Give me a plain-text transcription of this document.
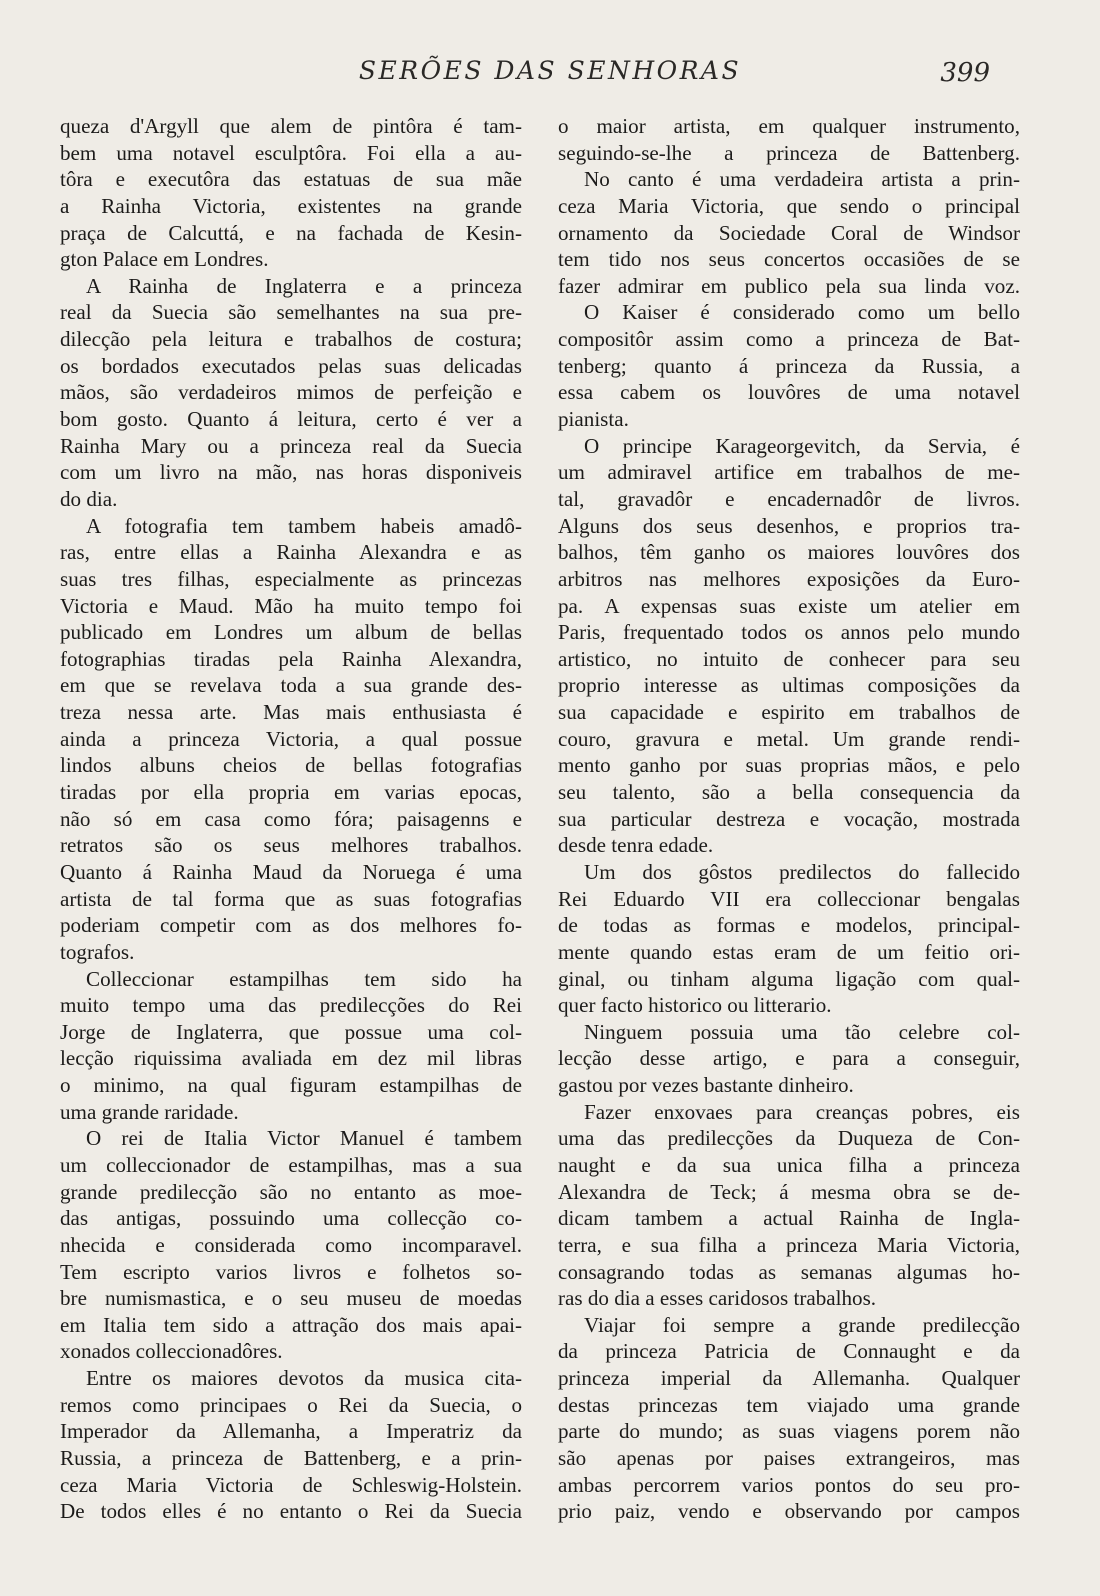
SERÕES DAS SENHORAS	399
queza d'Argyll que alem de pintôra é tam-
bem uma notavel esculptôra. Foi ella a au-
tôra e executôra das estatuas de sua mãe
a Rainha Victoria, existentes na grande
praça de Calcuttá, e na fachada de Kesin-
gton Palace em Londres.
A Rainha de Inglaterra e a princeza
real da Suecia são semelhantes na sua pre-
dilecção pela leitura e trabalhos de costura;
os bordados executados pelas suas delicadas
mãos, são verdadeiros mimos de perfeição e
bom gosto. Quanto á leitura, certo é ver a
Rainha Mary ou a princeza real da Suecia
com um livro na mão, nas horas disponiveis
do dia.
A fotografia tem tambem habeis amadô-
ras, entre ellas a Rainha Alexandra e as
suas tres filhas, especialmente as princezas
Victoria e Maud. Mão ha muito tempo foi
publicado em Londres um album de bellas
fotographias tiradas pela Rainha Alexandra,
em que se revelava toda a sua grande des-
treza nessa arte. Mas mais enthusiasta é
ainda a princeza Victoria, a qual possue
lindos albuns cheios de bellas fotografias
tiradas por ella propria em varias epocas,
não só em casa como fóra; paisagenns e
retratos são os seus melhores trabalhos.
Quanto á Rainha Maud da Noruega é uma
artista de tal forma que as suas fotografias
poderiam competir com as dos melhores fo-
tografos.
Colleccionar estampilhas tem sido ha
muito tempo uma das predilecções do Rei
Jorge de Inglaterra, que possue uma col-
lecção riquissima avaliada em dez mil libras
o minimo, na qual figuram estampilhas de
uma grande raridade.
O rei de Italia Victor Manuel é tambem
um colleccionador de estampilhas, mas a sua
grande predilecção são no entanto as moe-
das antigas, possuindo uma collecção co-
nhecida e considerada como incomparavel.
Tem escripto varios livros e folhetos so-
bre numismastica, e o seu museu de moedas
em Italia tem sido a attração dos mais apai-
xonados colleccionadôres.
Entre os maiores devotos da musica cita-
remos como principaes o Rei da Suecia, o
Imperador da Allemanha, a Imperatriz da
Russia, a princeza de Battenberg, e a prin-
ceza Maria Victoria de Schleswig-Holstein.
De todos elles é no entanto o Rei da Suecia
o maior artista, em qualquer instrumento,
seguindo-se-lhe a princeza de Battenberg.
No canto é uma verdadeira artista a prin-
ceza Maria Victoria, que sendo o principal
ornamento da Sociedade Coral de Windsor
tem tido nos seus concertos occasiões de se
fazer admirar em publico pela sua linda voz.
O Kaiser é considerado como um bello
compositôr assim como a princeza de Bat-
tenberg; quanto á princeza da Russia, a
essa cabem os louvôres de uma notavel
pianista.
O principe Karageorgevitch, da Servia, é
um admiravel artifice em trabalhos de me-
tal, gravadôr e encadernadôr de livros.
Alguns dos seus desenhos, e proprios tra-
balhos, têm ganho os maiores louvôres dos
arbitros nas melhores exposições da Euro-
pa. A expensas suas existe um atelier em
Paris, frequentado todos os annos pelo mundo
artistico, no intuito de conhecer para seu
proprio interesse as ultimas composições da
sua capacidade e espirito em trabalhos de
couro, gravura e metal. Um grande rendi-
mento ganho por suas proprias mãos, e pelo
seu talento, são a bella consequencia da
sua particular destreza e vocação, mostrada
desde tenra edade.
Um dos gôstos predilectos do fallecido
Rei Eduardo VII era colleccionar bengalas
de todas as formas e modelos, principal-
mente quando estas eram de um feitio ori-
ginal, ou tinham alguma ligação com qual-
quer facto historico ou litterario.
Ninguem possuia uma tão celebre col-
lecção desse artigo, e para a conseguir,
gastou por vezes bastante dinheiro.
Fazer enxovaes para creanças pobres, eis
uma das predilecções da Duqueza de Con-
naught e da sua unica filha a princeza
Alexandra de Teck; á mesma obra se de-
dicam tambem a actual Rainha de Ingla-
terra, e sua filha a princeza Maria Victoria,
consagrando todas as semanas algumas ho-
ras do dia a esses caridosos trabalhos.
Viajar foi sempre a grande predilecção
da princeza Patricia de Connaught e da
princeza imperial da Allemanha. Qualquer
destas princezas tem viajado uma grande
parte do mundo; as suas viagens porem não
são apenas por paises extrangeiros, mas
ambas percorrem varios pontos do seu pro-
prio paiz, vendo e observando por campos
